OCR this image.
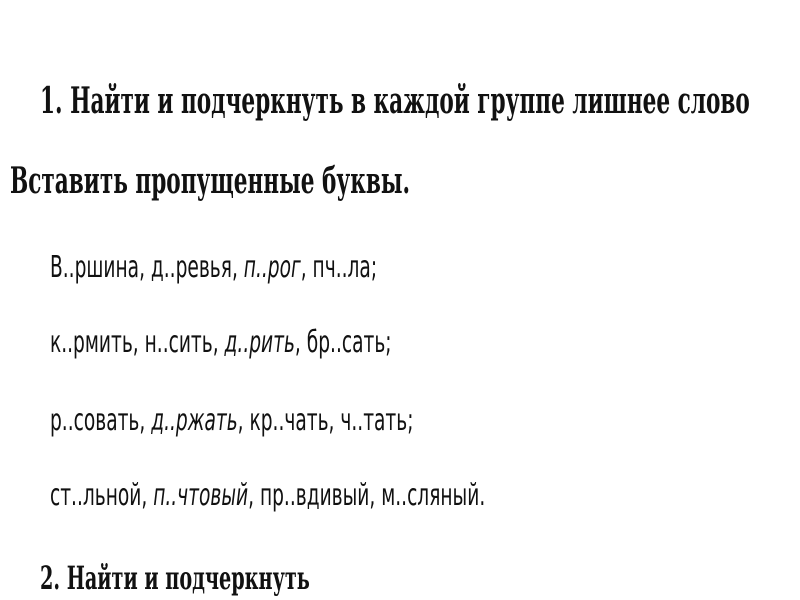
1. Найти и подчеркнуть в каждой группе лишнее слово

Вставить пропущенные буквы.

В..ршина, д..ревья, п..рог, пч..ла;

к..рмить, н..сить, д..рить, бр..сать;

р..совать, д..ржать, кр..чать, ч..тать;

ст..льной, п..чтовый, пр..вдивый, м..сляный.

2. Найти и подчеркнуть
